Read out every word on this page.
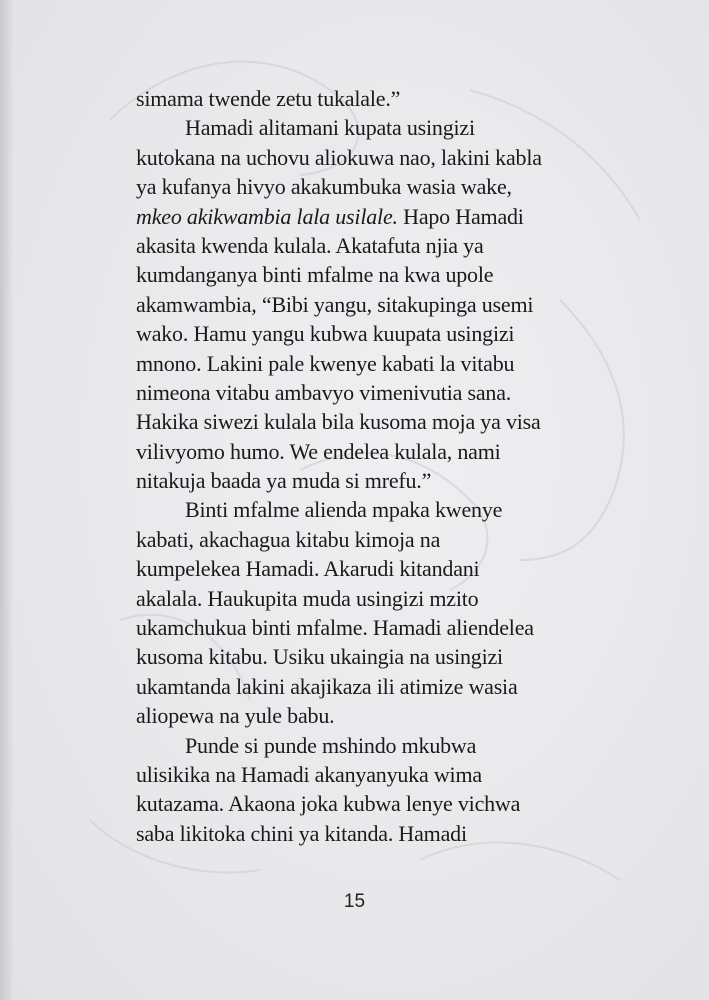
simama twende zetu tukalale.”
Hamadi alitamani kupata usingizi
kutokana na uchovu aliokuwa nao, lakini kabla
ya kufanya hivyo akakumbuka wasia wake,
mkeo akikwambia lala usilale. Hapo Hamadi
akasita kwenda kulala. Akatafuta njia ya
kumdanganya binti mfalme na kwa upole
akamwambia, “Bibi yangu, sitakupinga usemi
wako. Hamu yangu kubwa kuupata usingizi
mnono. Lakini pale kwenye kabati la vitabu
nimeona vitabu ambavyo vimenivutia sana.
Hakika siwezi kulala bila kusoma moja ya visa
vilivyomo humo. We endelea kulala, nami
nitakuja baada ya muda si mrefu.”
Binti mfalme alienda mpaka kwenye
kabati, akachagua kitabu kimoja na
kumpelekea Hamadi. Akarudi kitandani
akalala. Haukupita muda usingizi mzito
ukamchukua binti mfalme. Hamadi aliendelea
kusoma kitabu. Usiku ukaingia na usingizi
ukamtanda lakini akajikaza ili atimize wasia
aliopewa na yule babu.
Punde si punde mshindo mkubwa
ulisikika na Hamadi akanyanyuka wima
kutazama. Akaona joka kubwa lenye vichwa
saba likitoka chini ya kitanda. Hamadi
15
